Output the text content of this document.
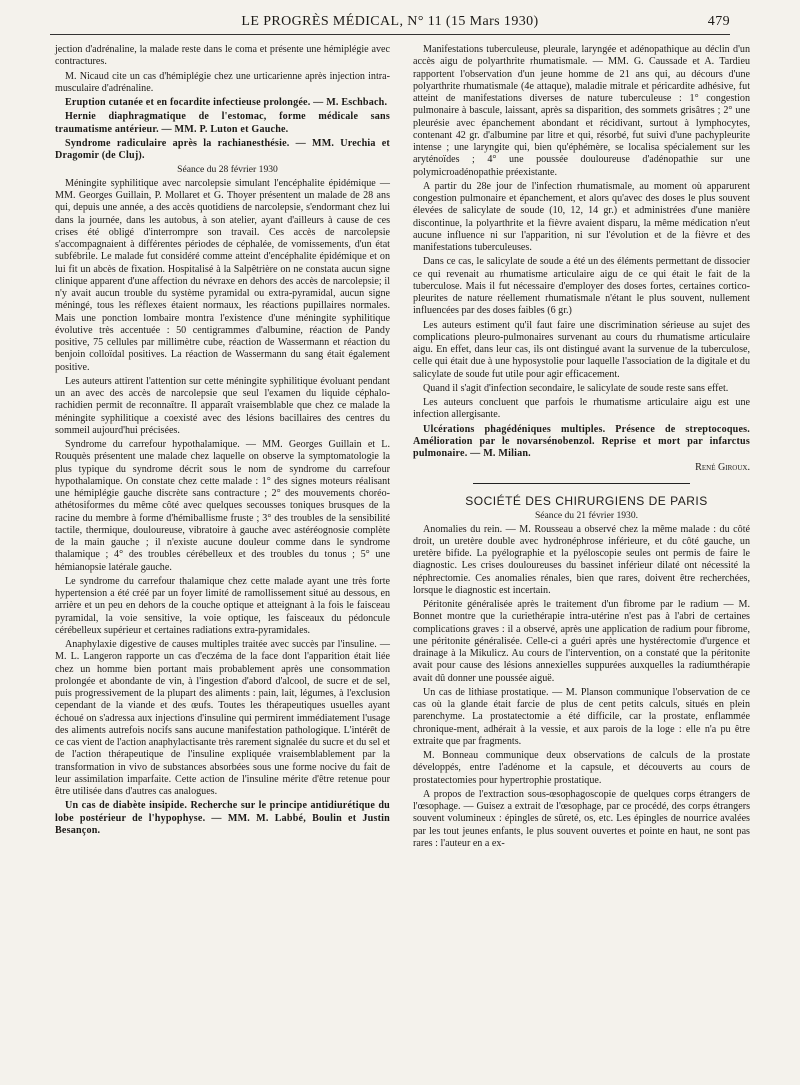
LE PROGRÈS MÉDICAL, N° 11 (15 Mars 1930)	479

jection d'adrénaline, la malade reste dans le coma et présente une hémiplégie avec contractures.

M. Nicaud cite un cas d'hémiplégie chez une urticarienne après injection intra-musculaire d'adrénaline.

Eruption cutanée et en focardite infectieuse prolongée. — M. Eschbach.

Hernie diaphragmatique de l'estomac, forme médicale sans traumatisme antérieur. — MM. P. Luton et Gauche.

Syndrome radiculaire après la rachianesthésie. — MM. Urechia et Dragomir (de Cluj).

Séance du 28 février 1930

Méningite syphilitique avec narcolepsie simulant l'encéphalite épidémique — MM. Georges Guillain, P. Mollaret et G. Thoyer présentent un malade de 28 ans qui, depuis une année, a des accès quotidiens de narcolepsie, s'endormant chez lui dans la journée, dans les autobus, à son atelier, ayant d'ailleurs à cause de ces crises été obligé d'interrompre son travail. Ces accès de narcolepsie s'accompagnaient à différentes périodes de céphalée, de vomissements, d'un état subfébrile. Le malade fut considéré comme atteint d'encéphalite épidémique et on lui fit un abcès de fixation. Hospitalisé à la Salpêtrière on ne constata aucun signe clinique apparent d'une affection du névraxe en dehors des accès de narcolepsie; il n'y avait aucun trouble du système pyramidal ou extra-pyramidal, aucun signe méningé, tous les réflexes étaient normaux, les réactions pupillaires normales. Mais une ponction lombaire montra l'existence d'une méningite syphilitique évolutive très accentuée : 50 centigrammes d'albumine, réaction de Pandy positive, 75 cellules par millimètre cube, réaction de Wassermann et réaction du benjoin colloïdal positives. La réaction de Wassermann du sang était également positive.

Les auteurs attirent l'attention sur cette méningite syphilitique évoluant pendant un an avec des accès de narcolepsie que seul l'examen du liquide céphalo-rachidien permit de reconnaître. Il apparaît vraisemblable que chez ce malade la méningite syphilitique a coexisté avec des lésions bacillaires des centres du sommeil aujourd'hui précisées.

Syndrome du carrefour hypothalamique. — MM. Georges Guillain et L. Rouquès présentent une malade chez laquelle on observe la symptomatologie la plus typique du syndrome décrit sous le nom de syndrome du carrefour hypothalamique. On constate chez cette malade : 1° des signes moteurs réalisant une hémiplégie gauche discrète sans contracture ; 2° des mouvements choréo-athétosiformes du même côté avec quelques secousses toniques brusques de la racine du membre à forme d'hémiballisme fruste ; 3° des troubles de la sensibilité tactile, thermique, douloureuse, vibratoire à gauche avec astéréognosie complète de la main gauche ; il n'existe aucune douleur comme dans le syndrome thalamique ; 4° des troubles cérébelleux et des troubles du tonus ; 5° une hémianopsie latérale gauche.

Le syndrome du carrefour thalamique chez cette malade ayant une très forte hypertension a été créé par un foyer limité de ramollissement situé au dessous, en arrière et un peu en dehors de la couche optique et atteignant à la fois le faisceau pyramidal, la voie sensitive, la voie optique, les faisceaux du pédoncule cérébelleux supérieur et certaines radiations extra-pyramidales.

Anaphylaxie digestive de causes multiples traitée avec succès par l'insuline. — M. L. Langeron rapporte un cas d'eczéma de la face dont l'apparition était liée chez un homme bien portant mais probablement après une consommation prolongée et abondante de vin, à l'ingestion d'abord d'alcool, de sucre et de sel, puis progressivement de la plupart des aliments : pain, lait, légumes, à l'exclusion cependant de la viande et des œufs. Toutes les thérapeutiques usuelles ayant échoué on s'adressa aux injections d'insuline qui permirent immédiatement l'usage des aliments autrefois nocifs sans aucune manifestation pathologique. L'intérêt de ce cas vient de l'action anaphylactisante très rarement signalée du sucre et du sel et de l'action thérapeutique de l'insuline expliquée vraisemblablement par la transformation in vivo de substances absorbées sous une forme nocive du fait de leur assimilation imparfaite. Cette action de l'insuline mérite d'être retenue pour être utilisée dans d'autres cas analogues.

Un cas de diabète insipide. Recherche sur le principe antidiurétique du lobe postérieur de l'hypophyse. — MM. M. Labbé, Boulin et Justin Besançon.

Manifestations tuberculeuse, pleurale, laryngée et adénopathique au déclin d'un accès aigu de polyarthrite rhumatismale. — MM. G. Caussade et A. Tardieu rapportent l'observation d'un jeune homme de 21 ans qui, au décours d'une polyarthrite rhumatismale (4e attaque), maladie mitrale et péricardite adhésive, fut atteint de manifestations diverses de nature tuberculeuse : 1° congestion pulmonaire à bascule, laissant, après sa disparition, des sommets grisâtres ; 2° une pleurésie avec épanchement abondant et récidivant, surtout à lymphocytes, contenant 42 gr. d'albumine par litre et qui, résorbé, fut suivi d'une pachypleurite intense ; une laryngite qui, bien qu'éphémère, se localisa spécialement sur les aryténoïdes ; 4° une poussée douloureuse d'adénopathie sur une polymicroadénopathie préexistante.

A partir du 28e jour de l'infection rhumatismale, au moment où apparurent congestion pulmonaire et épanchement, et alors qu'avec des doses le plus souvent élevées de salicylate de soude (10, 12, 14 gr.) et administrées d'une manière discontinue, la polyarthrite et la fièvre avaient disparu, la même médication n'eut aucune influence ni sur l'apparition, ni sur l'évolution et de la fièvre et des manifestations tuberculeuses.

Dans ce cas, le salicylate de soude a été un des éléments permettant de dissocier ce qui revenait au rhumatisme articulaire aigu de ce qui était le fait de la tuberculose. Mais il fut nécessaire d'employer des doses fortes, certaines cortico-pleurites de nature réellement rhumatismale n'étant le plus souvent, nullement influencées par des doses faibles (6 gr.)

Les auteurs estiment qu'il faut faire une discrimination sérieuse au sujet des complications pleuro-pulmonaires survenant au cours du rhumatisme articulaire aigu. En effet, dans leur cas, ils ont distingué avant la survenue de la tuberculose, celle qui était due à une hyposystolie pour laquelle l'association de la digitale et du salicylate de soude fut utile pour agir efficacement.

Quand il s'agit d'infection secondaire, le salicylate de soude reste sans effet.

Les auteurs concluent que parfois le rhumatisme articulaire aigu est une infection allergisante.

Ulcérations phagédéniques multiples. Présence de streptocoques. Amélioration par le novarsénobenzol. Reprise et mort par infarctus pulmonaire. — M. Milian.

René Giroux.

SOCIÉTÉ DES CHIRURGIENS DE PARIS

Séance du 21 février 1930.

Anomalies du rein. — M. Rousseau a observé chez la même malade : du côté droit, un uretère double avec hydronéphrose inférieure, et du côté gauche, un uretère bifide. La pyélographie et la pyéloscopie seules ont permis de faire le diagnostic. Les crises douloureuses du bassinet inférieur dilaté ont nécessité la néphrectomie. Ces anomalies rénales, bien que rares, doivent être recherchées, lorsque le diagnostic est incertain.

Péritonite généralisée après le traitement d'un fibrome par le radium — M. Bonnet montre que la curiethérapie intra-utérine n'est pas à l'abri de certaines complications graves : il a observé, après une application de radium pour fibrome, une péritonite généralisée. Celle-ci a guéri après une hystérectomie d'urgence et drainage à la Mikulicz. Au cours de l'intervention, on a constaté que la péritonite avait pour cause des lésions annexielles suppurées auxquelles la radiumthérapie avait dû donner une poussée aiguë.

Un cas de lithiase prostatique. — M. Planson communique l'observation de ce cas où la glande était farcie de plus de cent petits calculs, situés en plein parenchyme. La prostatectomie a été difficile, car la prostate, enflammée chronique-ment, adhérait à la vessie, et aux parois de la loge : elle n'a pu être extraite que par fragments.

M. Bonneau communique deux observations de calculs de la prostate développés, entre l'adénome et la capsule, et découverts au cours de prostatectomies pour hypertrophie prostatique.

A propos de l'extraction sous-œsophagoscopie de quelques corps étrangers de l'œsophage. — Guisez a extrait de l'œsophage, par ce procédé, des corps étrangers souvent volumineux : épingles de sûreté, os, etc. Les épingles de nourrice avalées par les tout jeunes enfants, le plus souvent ouvertes et pointe en haut, ne sont pas rares : l'auteur en a ex-
